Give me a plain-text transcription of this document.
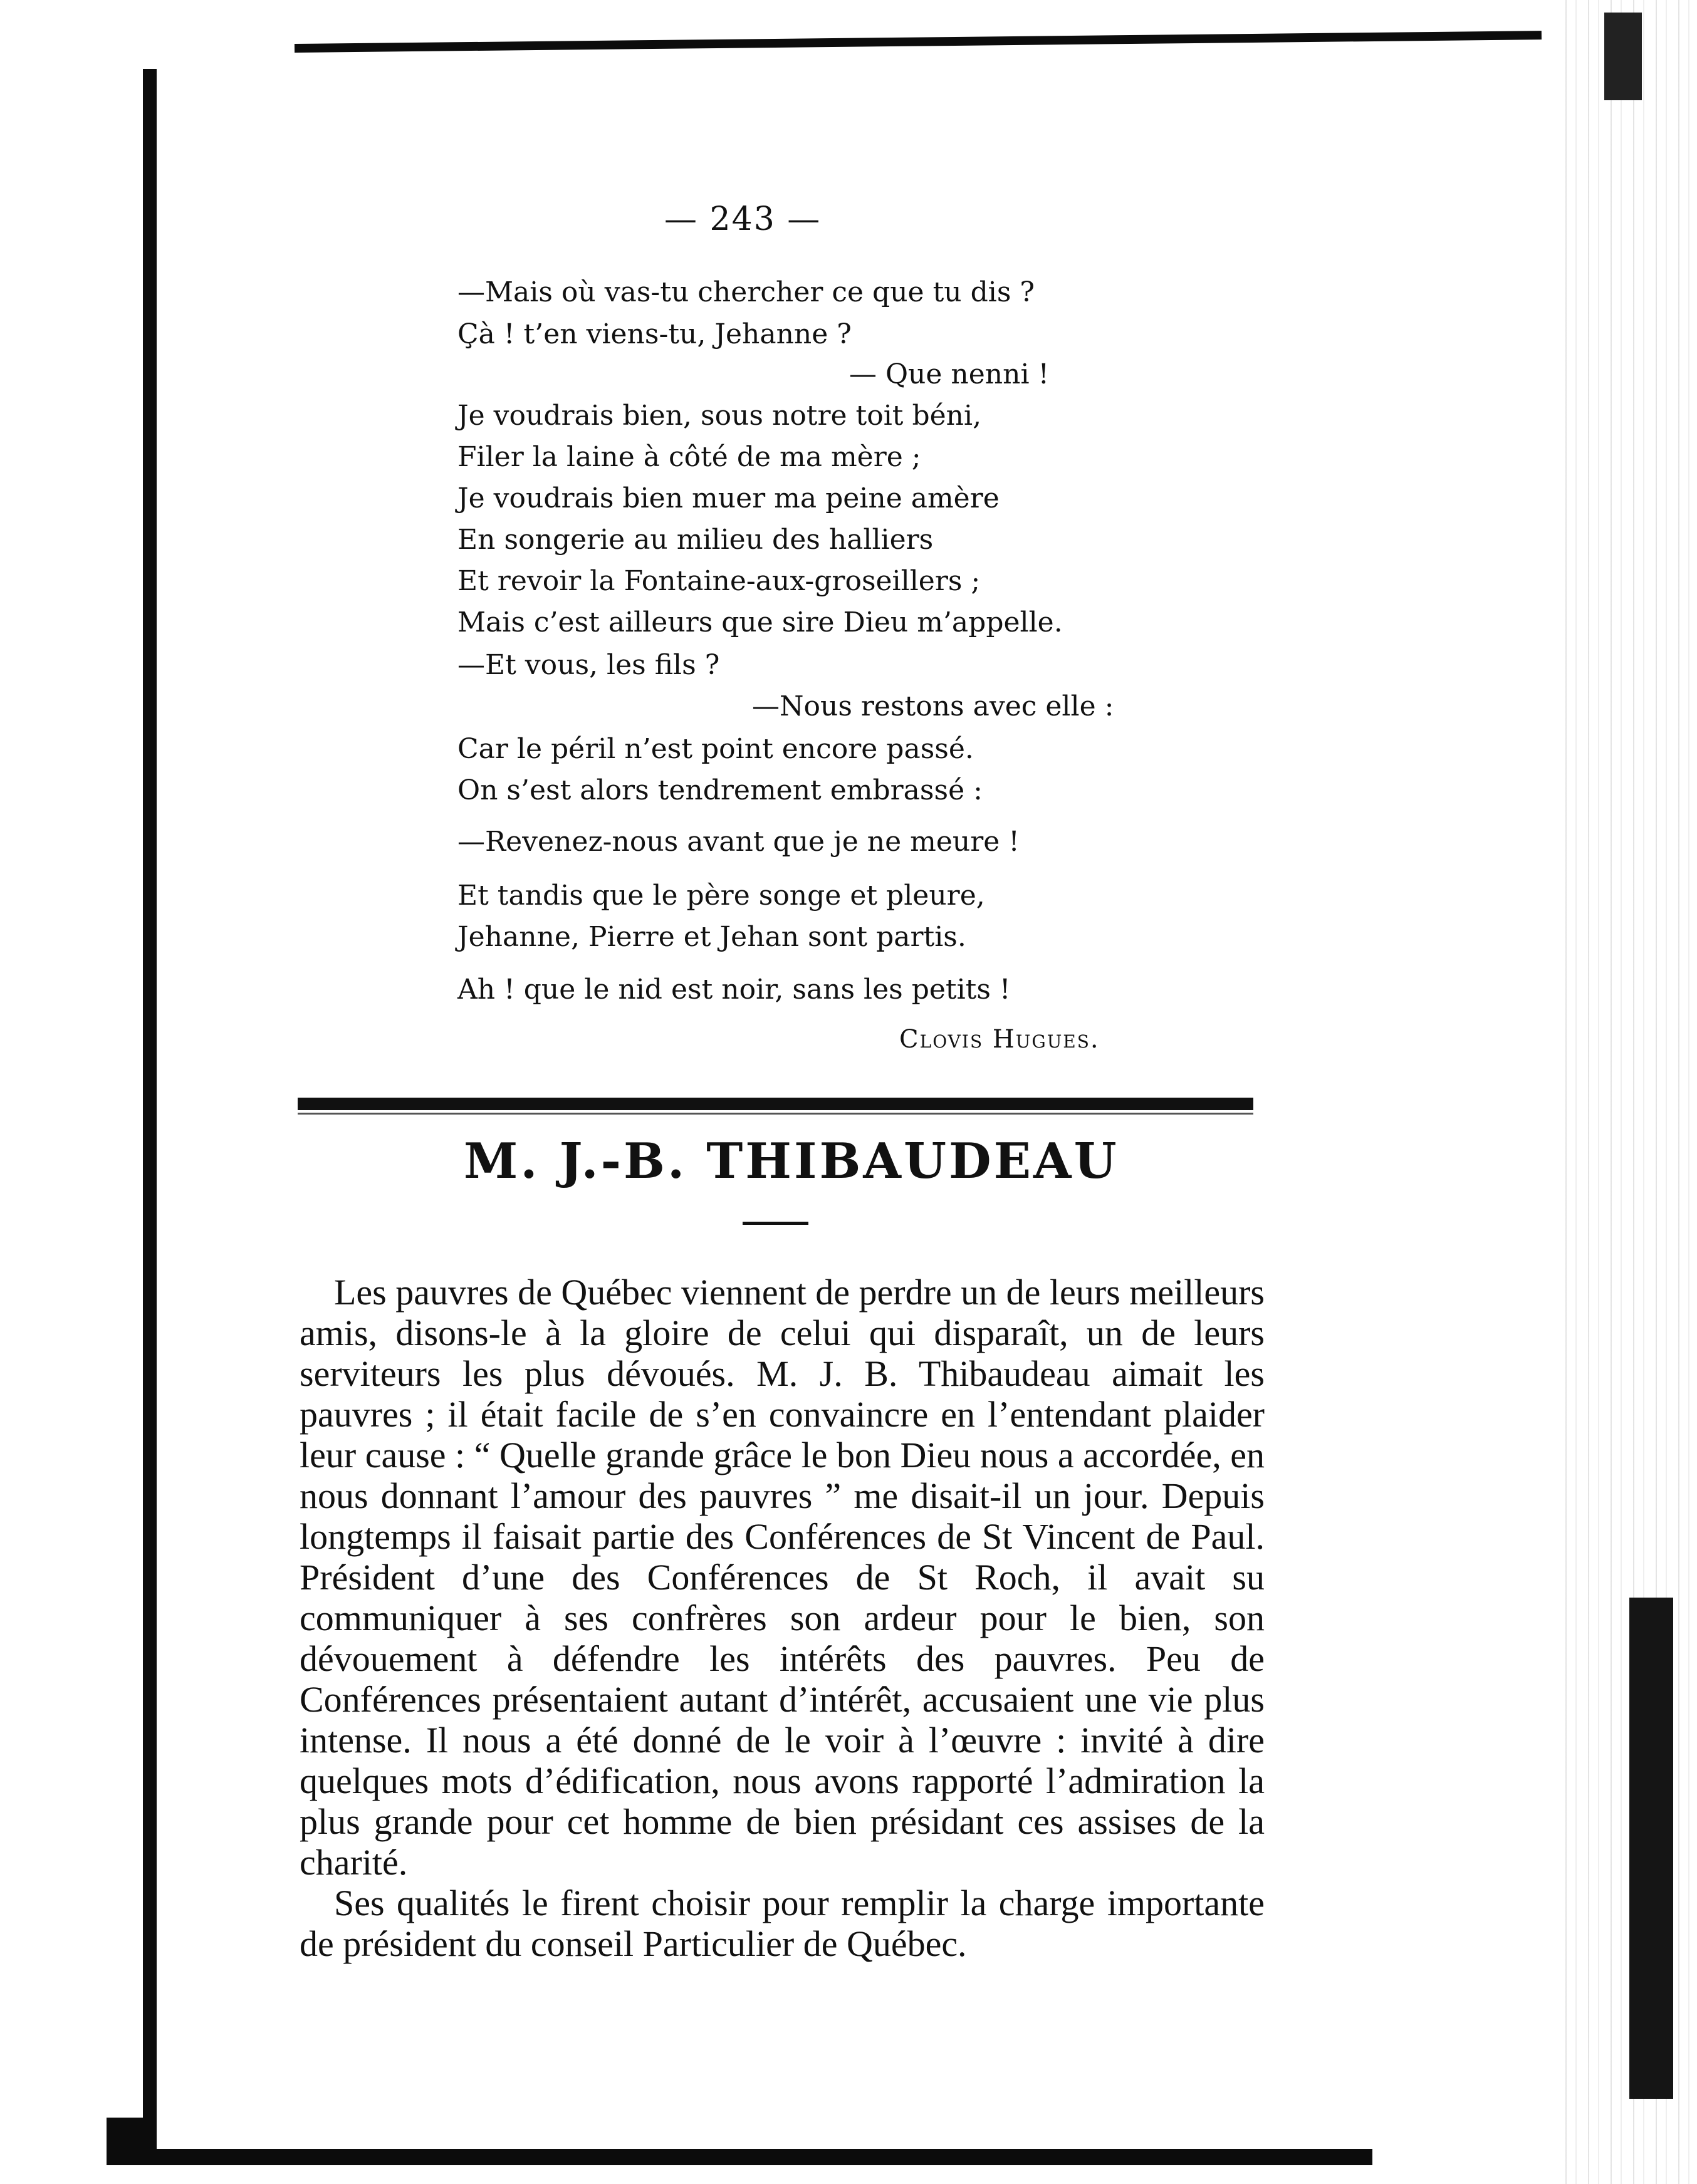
— 243 —
—Mais où vas-tu chercher ce que tu dis ?
Çà ! t’en viens-tu, Jehanne ?
— Que nenni !
Je voudrais bien, sous notre toit béni,
Filer la laine à côté de ma mère ;
Je voudrais bien muer ma peine amère
En songerie au milieu des halliers
Et revoir la Fontaine-aux-groseillers ;
Mais c’est ailleurs que sire Dieu m’appelle.
—Et vous, les fils ?
—Nous restons avec elle :
Car le péril n’est point encore passé.
On s’est alors tendrement embrassé :
—Revenez-nous avant que je ne meure !
Et tandis que le père songe et pleure,
Jehanne, Pierre et Jehan sont partis.
Ah ! que le nid est noir, sans les petits !
Clovis Hugues.
M. J.-B. THIBAUDEAU

Les pauvres de Québec viennent de perdre un de leurs meilleurs amis, disons-le à la gloire de celui qui disparaît, un de leurs serviteurs les plus dévoués. M. J. B. Thibaudeau aimait les pauvres ; il était facile de s’en convaincre en l’entendant plaider leur cause : “ Quelle grande grâce le bon Dieu nous a accordée, en nous donnant l’amour des pauvres ” me disait-il un jour. Depuis longtemps il faisait partie des Conférences de St Vincent de Paul. Président d’une des Conférences de St Roch, il avait su communiquer à ses confrères son ardeur pour le bien, son dévouement à défendre les intérêts des pauvres. Peu de Conférences présentaient autant d’intérêt, accusaient une vie plus intense. Il nous a été donné de le voir à l’œuvre : invité à dire quelques mots d’édification, nous avons rapporté l’admiration la plus grande pour cet homme de bien présidant ces assises de la charité.

Ses qualités le firent choisir pour remplir la charge importante de président du conseil Particulier de Québec.
